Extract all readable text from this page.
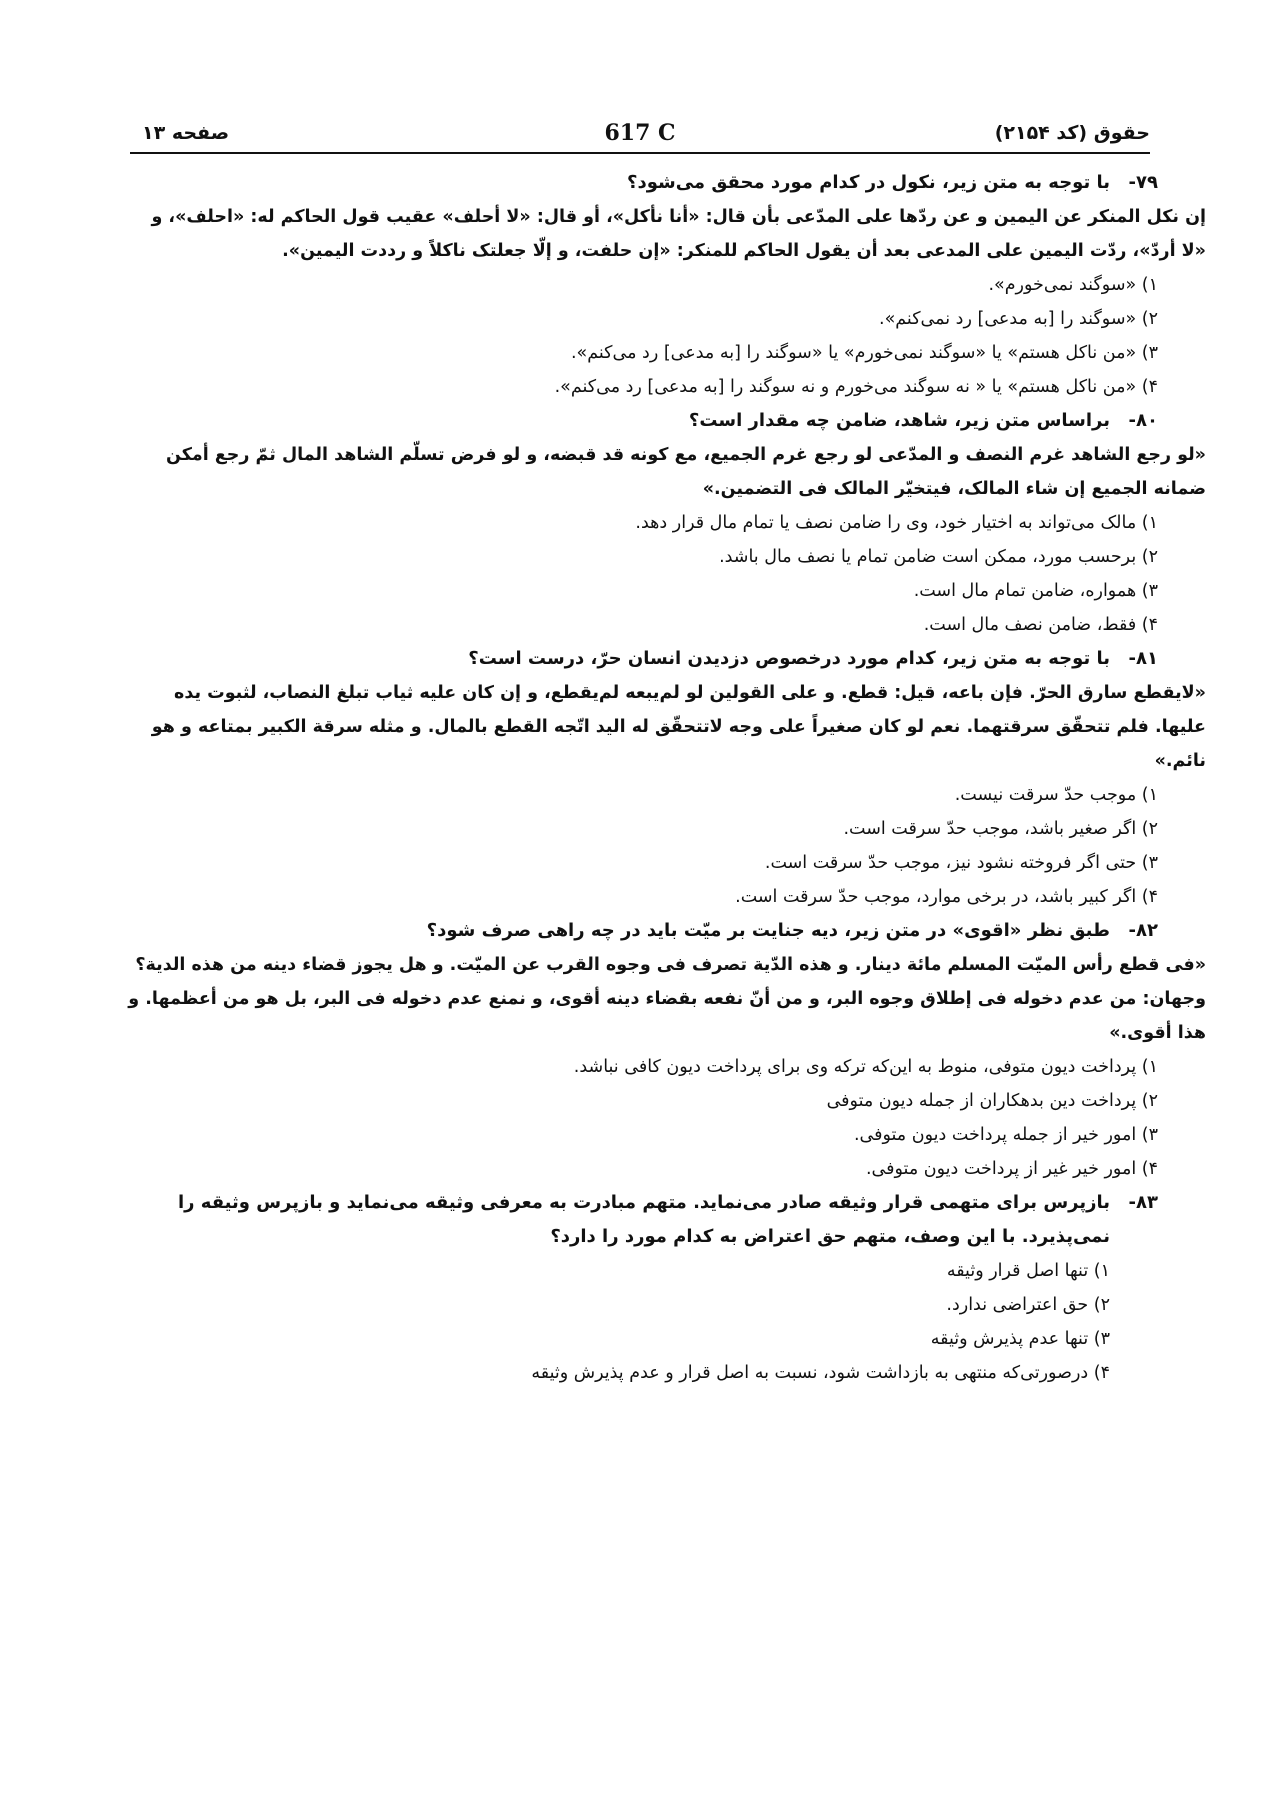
حقوق (کد ۲۱۵۴)
617 C
صفحه ۱۳
۷۹-
با توجه به متن زیر، نکول در کدام مورد محقق می‌شود؟
إن نکل المنکر عن الیمین و عن ردّها علی المدّعی بأن قال: «أنا نأکل»، أو قال: «لا أحلف» عقیب قول الحاکم له: «احلف»، و «لا أردّ»، ردّت الیمین علی المدعی بعد أن یقول الحاکم للمنکر: «إن حلفت، و إلّا جعلتک ناکلاً و رددت الیمین».
۱) «سوگند نمی‌خورم».
۲) «سوگند را [به مدعی] رد نمی‌کنم».
۳) «من ناکل هستم» یا «سوگند نمی‌خورم» یا «سوگند را [به مدعی] رد می‌کنم».
۴) «من ناکل هستم» یا « نه سوگند می‌خورم و نه سوگند را [به مدعی] رد می‌کنم».
۸۰-
براساس متن زیر، شاهد، ضامن چه مقدار است؟
«لو رجع الشاهد غرم النصف و المدّعی لو رجع غرم الجمیع، مع کونه قد قبضه، و لو فرض تسلّم الشاهد المال ثمّ رجع أمکن ضمانه الجمیع إن شاء المالک، فیتخیّر المالک فی التضمین.»
۱) مالک می‌تواند به اختیار خود، وی را ضامن نصف یا تمام مال قرار دهد.
۲) برحسب مورد، ممکن است ضامن تمام یا نصف مال باشد.
۳) همواره، ضامن تمام مال است.
۴) فقط، ضامن نصف مال است.
۸۱-
با توجه به متن زیر، کدام مورد درخصوص دزدیدن انسان حرّ، درست است؟
«لایقطع سارق الحرّ. فإن باعه، قیل: قطع. و علی القولین لو لم‌یبعه لم‌یقطع، و إن کان علیه ثیاب تبلغ النصاب، لثبوت یده علیها. فلم تتحقّق سرقتهما. نعم لو کان صغیراً علی وجه لاتتحقّق له الید اتّجه القطع بالمال. و مثله سرقة الکبیر بمتاعه و هو نائم.»
۱) موجب حدّ سرقت نیست.
۲) اگر صغیر باشد، موجب حدّ سرقت است.
۳) حتی اگر فروخته نشود نیز، موجب حدّ سرقت است.
۴) اگر کبیر باشد، در برخی موارد، موجب حدّ سرقت است.
۸۲-
طبق نظر «اقوی» در متن زیر، دیه جنایت بر میّت باید در چه راهی صرف شود؟
«فی قطع رأس المیّت المسلم مائة دینار. و هذه الدّیة تصرف فی وجوه القرب عن المیّت. و هل یجوز قضاء دینه من هذه الدیة؟ وجهان: من عدم دخوله فی إطلاق وجوه البر، و من أنّ نفعه بقضاء دینه أقوی، و نمنع عدم دخوله فی البر، بل هو من أعظمها. و هذا أقوی.»
۱) پرداخت دیون متوفی، منوط به این‌که ترکه وی برای پرداخت دیون کافی نباشد.
۲) پرداخت دین بدهکاران از جمله دیون متوفی
۳) امور خیر از جمله پرداخت دیون متوفی.
۴) امور خیر غیر از پرداخت دیون متوفی.
۸۳-
بازپرس برای متهمی قرار وثیقه صادر می‌نماید. متهم مبادرت به معرفی وثیقه می‌نماید و بازپرس وثیقه را نمی‌پذیرد. با این وصف، متهم حق اعتراض به کدام مورد را دارد؟
۱) تنها اصل قرار وثیقه
۲) حق اعتراضی ندارد.
۳) تنها عدم پذیرش وثیقه
۴) درصورتی‌که منتهی به بازداشت شود، نسبت به اصل قرار و عدم پذیرش وثیقه
